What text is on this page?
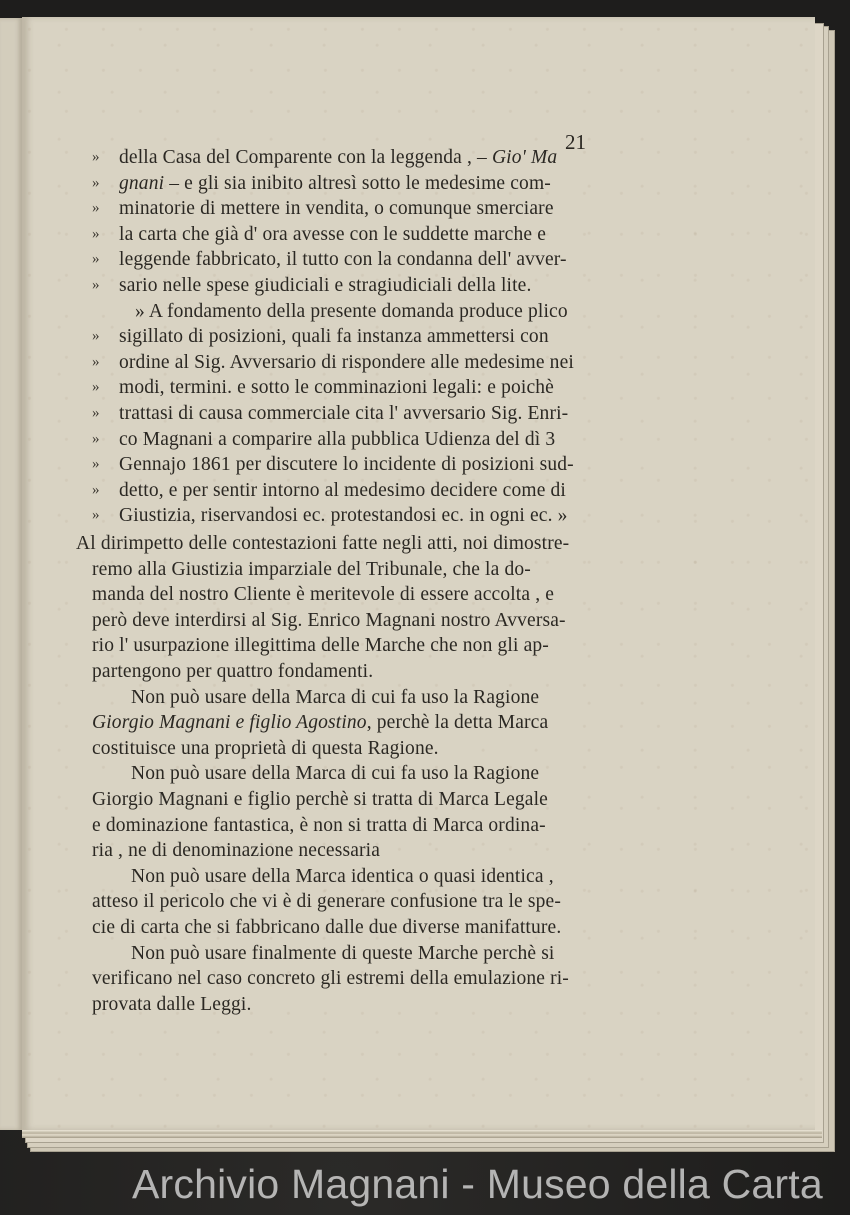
21
» della Casa del Comparente con la leggenda , – Gio' Ma
» gnani – e gli sia inibito altresì sotto le medesime com-
» minatorie di mettere in vendita, o comunque smerciare
» la carta che già d' ora avesse con le suddette marche e
» leggende fabbricato, il tutto con la condanna dell' avver-
» sario nelle spese giudiciali e stragiudiciali della lite.
» A fondamento della presente domanda produce plico
» sigillato di posizioni, quali fa instanza ammettersi con
» ordine al Sig. Avversario di rispondere alle medesime nei
» modi, termini. e sotto le comminazioni legali: e poichè
» trattasi di causa commerciale cita l' avversario Sig. Enri-
» co Magnani a comparire alla pubblica Udienza del dì 3
» Gennajo 1861 per discutere lo incidente di posizioni sud-
» detto, e per sentir intorno al medesimo decidere come di
» Giustizia, riservandosi ec. protestandosi ec. in ogni ec. »
Al dirimpetto delle contestazioni fatte negli atti, noi dimostre-
remo alla Giustizia imparziale del Tribunale, che la do-
manda del nostro Cliente è meritevole di essere accolta , e
però deve interdirsi al Sig. Enrico Magnani nostro Avversa-
rio l' usurpazione illegittima delle Marche che non gli ap-
partengono per quattro fondamenti.
Non può usare della Marca di cui fa uso la Ragione
Giorgio Magnani e figlio Agostino, perchè la detta Marca
costituisce una proprietà di questa Ragione.
Non può usare della Marca di cui fa uso la Ragione
Giorgio Magnani e figlio perchè si tratta di Marca Legale
e dominazione fantastica, è non si tratta di Marca ordina-
ria , ne di denominazione necessaria
Non può usare della Marca identica o quasi identica ,
atteso il pericolo che vi è di generare confusione tra le spe-
cie di carta che si fabbricano dalle due diverse manifatture.
Non può usare finalmente di queste Marche perchè si
verificano nel caso concreto gli estremi della emulazione ri-
provata dalle Leggi.
Archivio Magnani - Museo della Carta
